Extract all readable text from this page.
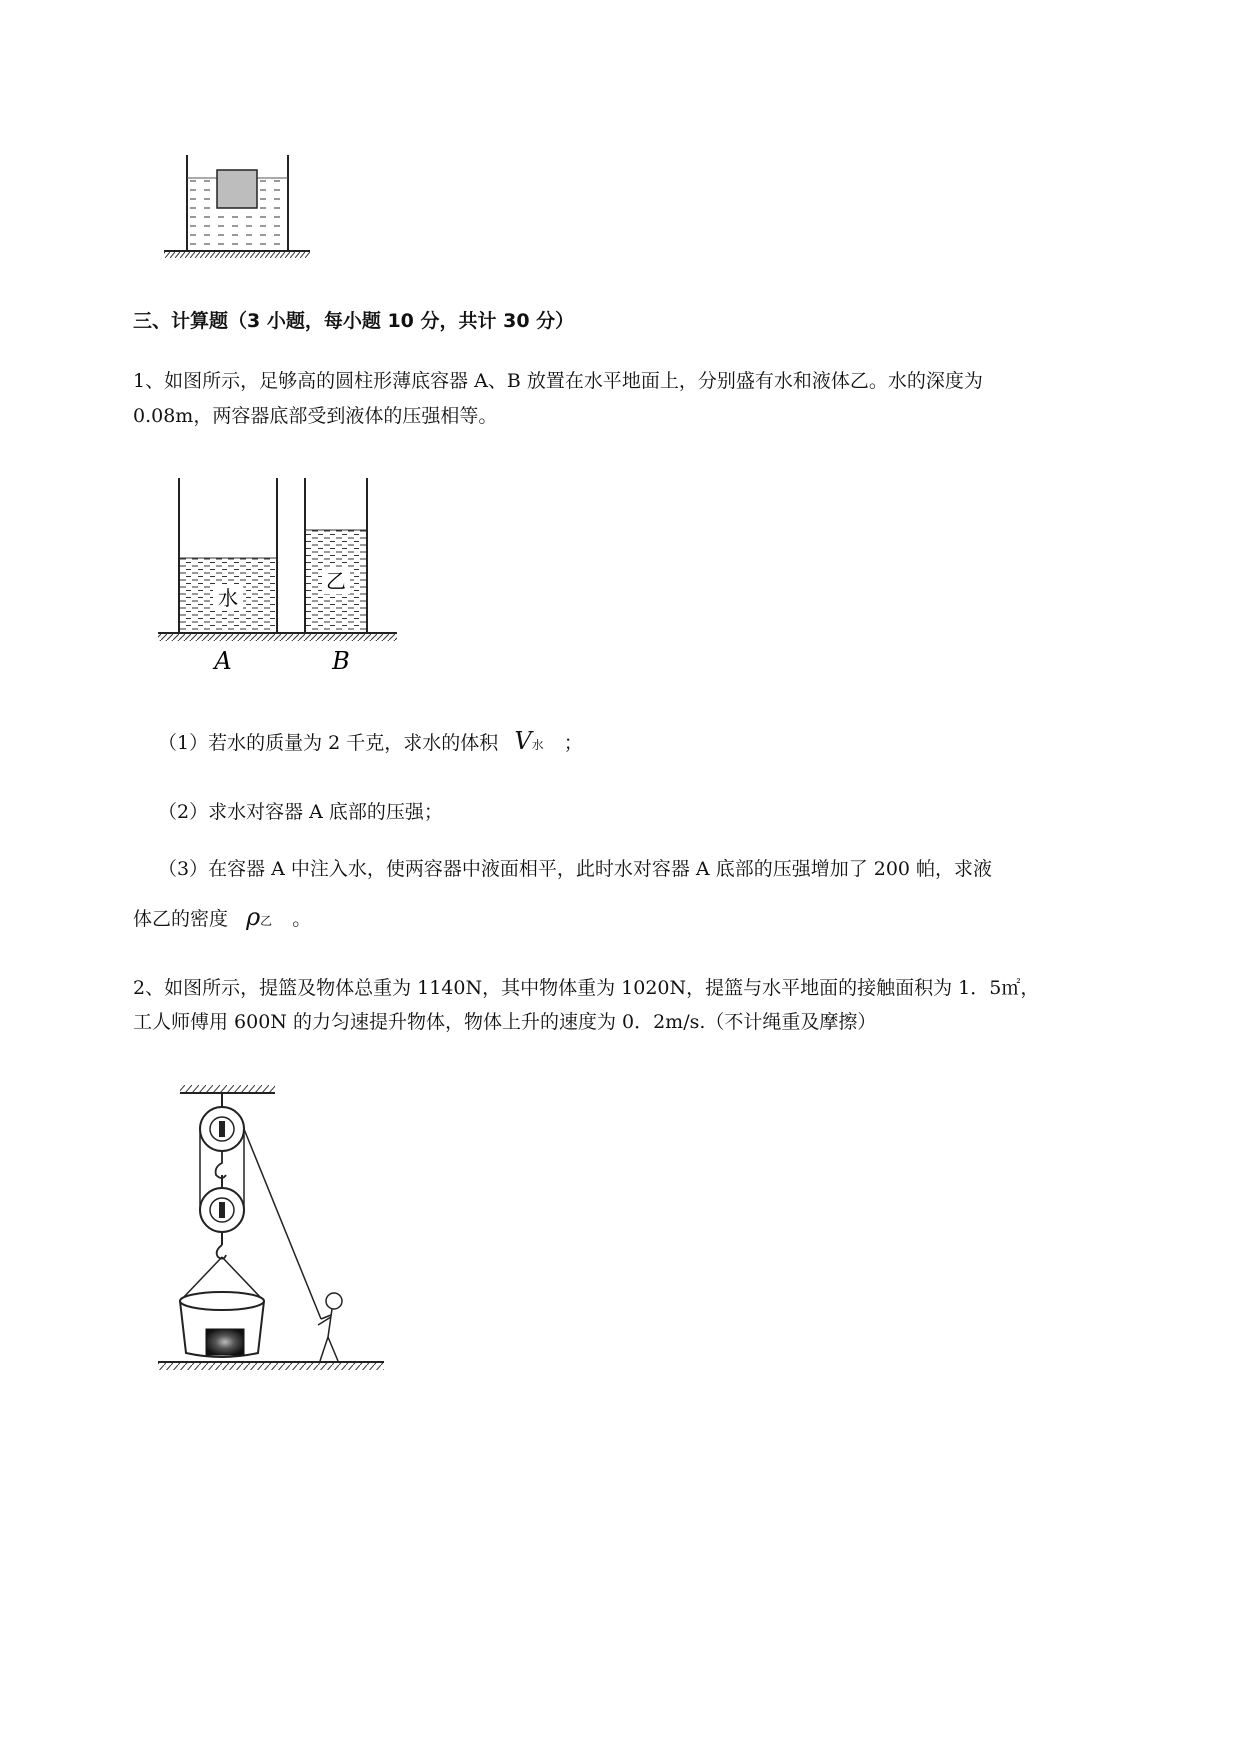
三、计算题（3 小题，每小题 10 分，共计 30 分）
1、如图所示，足够高的圆柱形薄底容器 A、B 放置在水平地面上，分别盛有水和液体乙。水的深度为
0.08m，两容器底部受到液体的压强相等。
水
乙
A	B
（1）若水的质量为 2 千克，求水的体积 V水 ；
（2）求水对容器 A 底部的压强；
（3）在容器 A 中注入水，使两容器中液面相平，此时水对容器 A 底部的压强增加了 200 帕，求液
体乙的密度 ρ乙 。
2、如图所示，提篮及物体总重为 1140N，其中物体重为 1020N，提篮与水平地面的接触面积为 1．5㎡，
工人师傅用 600N 的力匀速提升物体，物体上升的速度为 0．2m/s.（不计绳重及摩擦）
